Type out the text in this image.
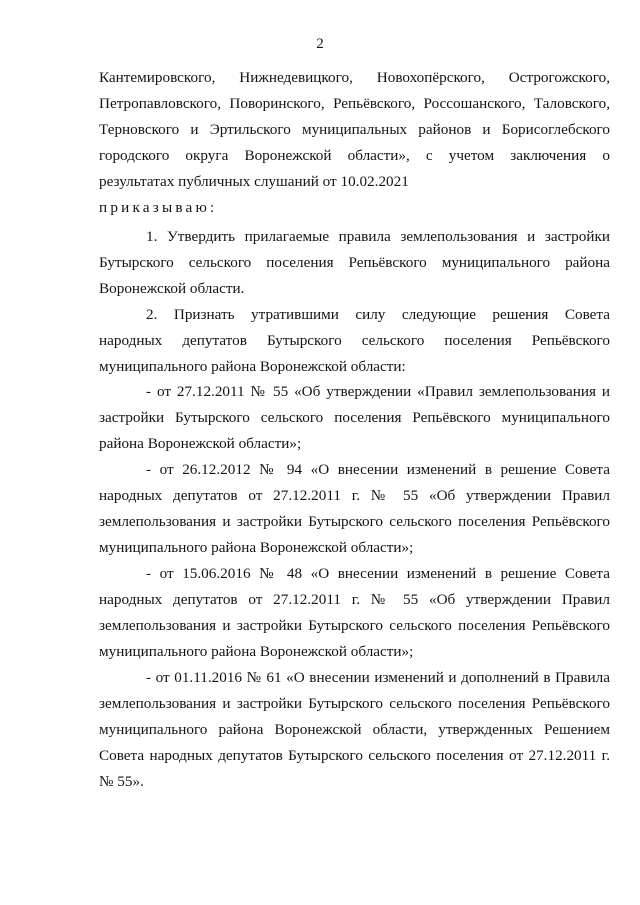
2
Кантемировского, Нижнедевицкого, Новохопёрского, Острогожского,
Петропавловского, Поворинского, Репьёвского, Россошанского, Таловского,
Терновского и Эртильского муниципальных районов и Борисоглебского
городского округа Воронежской области», с учетом заключения о
результатах публичных слушаний от 10.02.2021
приказываю:
1. Утвердить прилагаемые правила землепользования и застройки
Бутырского сельского поселения Репьёвского муниципального района
Воронежской области.
2. Признать утратившими силу следующие решения Совета
народных депутатов Бутырского сельского поселения Репьёвского
муниципального района Воронежской области:
- от 27.12.2011 № 55 «Об утверждении «Правил землепользования и
застройки Бутырского сельского поселения Репьёвского муниципального
района Воронежской области»;
- от 26.12.2012 № 94 «О внесении изменений в решение Совета
народных депутатов от 27.12.2011 г. № 55 «Об утверждении Правил
землепользования и застройки Бутырского сельского поселения Репьёвского
муниципального района Воронежской области»;
- от 15.06.2016 № 48 «О внесении изменений в решение Совета
народных депутатов от 27.12.2011 г. № 55 «Об утверждении Правил
землепользования и застройки Бутырского сельского поселения Репьёвского
муниципального района Воронежской области»;
- от 01.11.2016 № 61 «О внесении изменений и дополнений в Правила
землепользования и застройки Бутырского сельского поселения Репьёвского
муниципального района Воронежской области, утвержденных Решением
Совета народных депутатов Бутырского сельского поселения от 27.12.2011 г.
№ 55».
